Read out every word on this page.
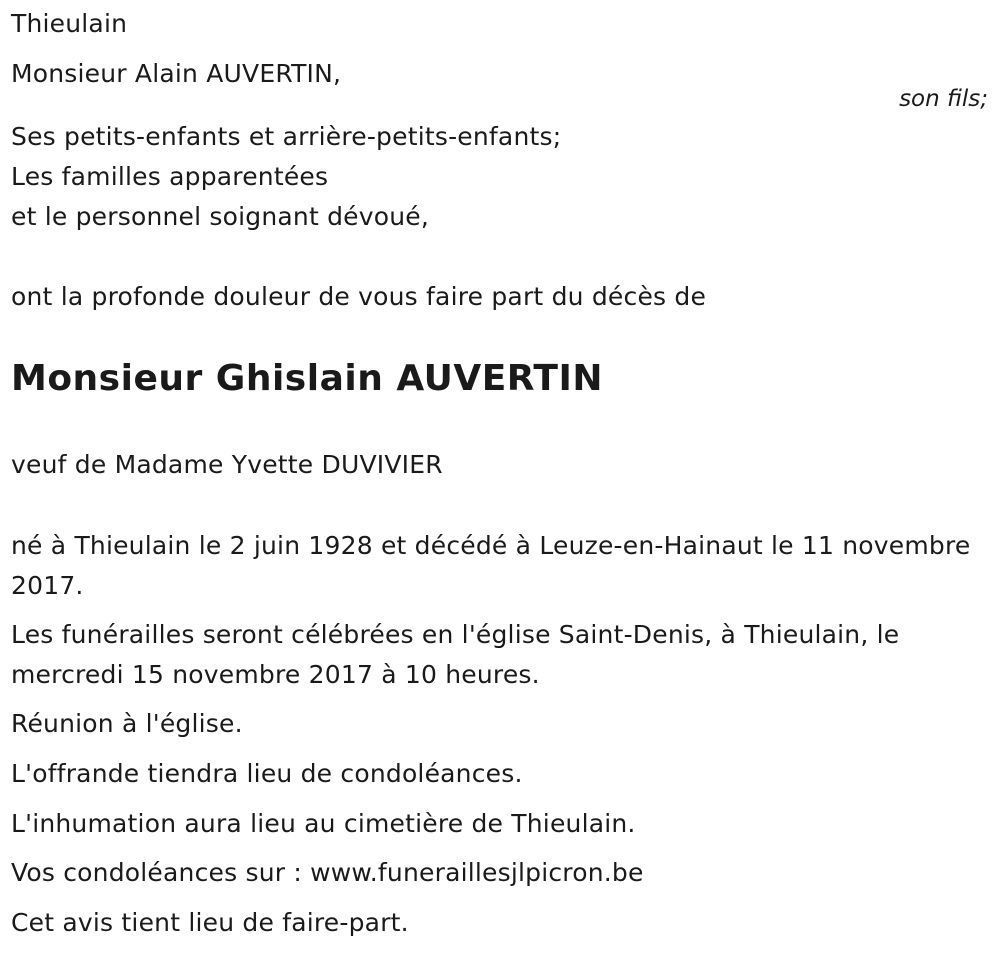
Thieulain
Monsieur Alain AUVERTIN,
son fils;
Ses petits-enfants et arrière-petits-enfants;
Les familles apparentées
et le personnel soignant dévoué,
ont la profonde douleur de vous faire part du décès de
Monsieur Ghislain AUVERTIN
veuf de Madame Yvette DUVIVIER
né à Thieulain le 2 juin 1928 et décédé à Leuze-en-Hainaut le 11 novembre 2017.
Les funérailles seront célébrées en l'église Saint-Denis, à Thieulain, le mercredi 15 novembre 2017 à 10 heures.
Réunion à l'église.
L'offrande tiendra lieu de condoléances.
L'inhumation aura lieu au cimetière de Thieulain.
Vos condoléances sur : www.funeraillesjlpicron.be
Cet avis tient lieu de faire-part.
